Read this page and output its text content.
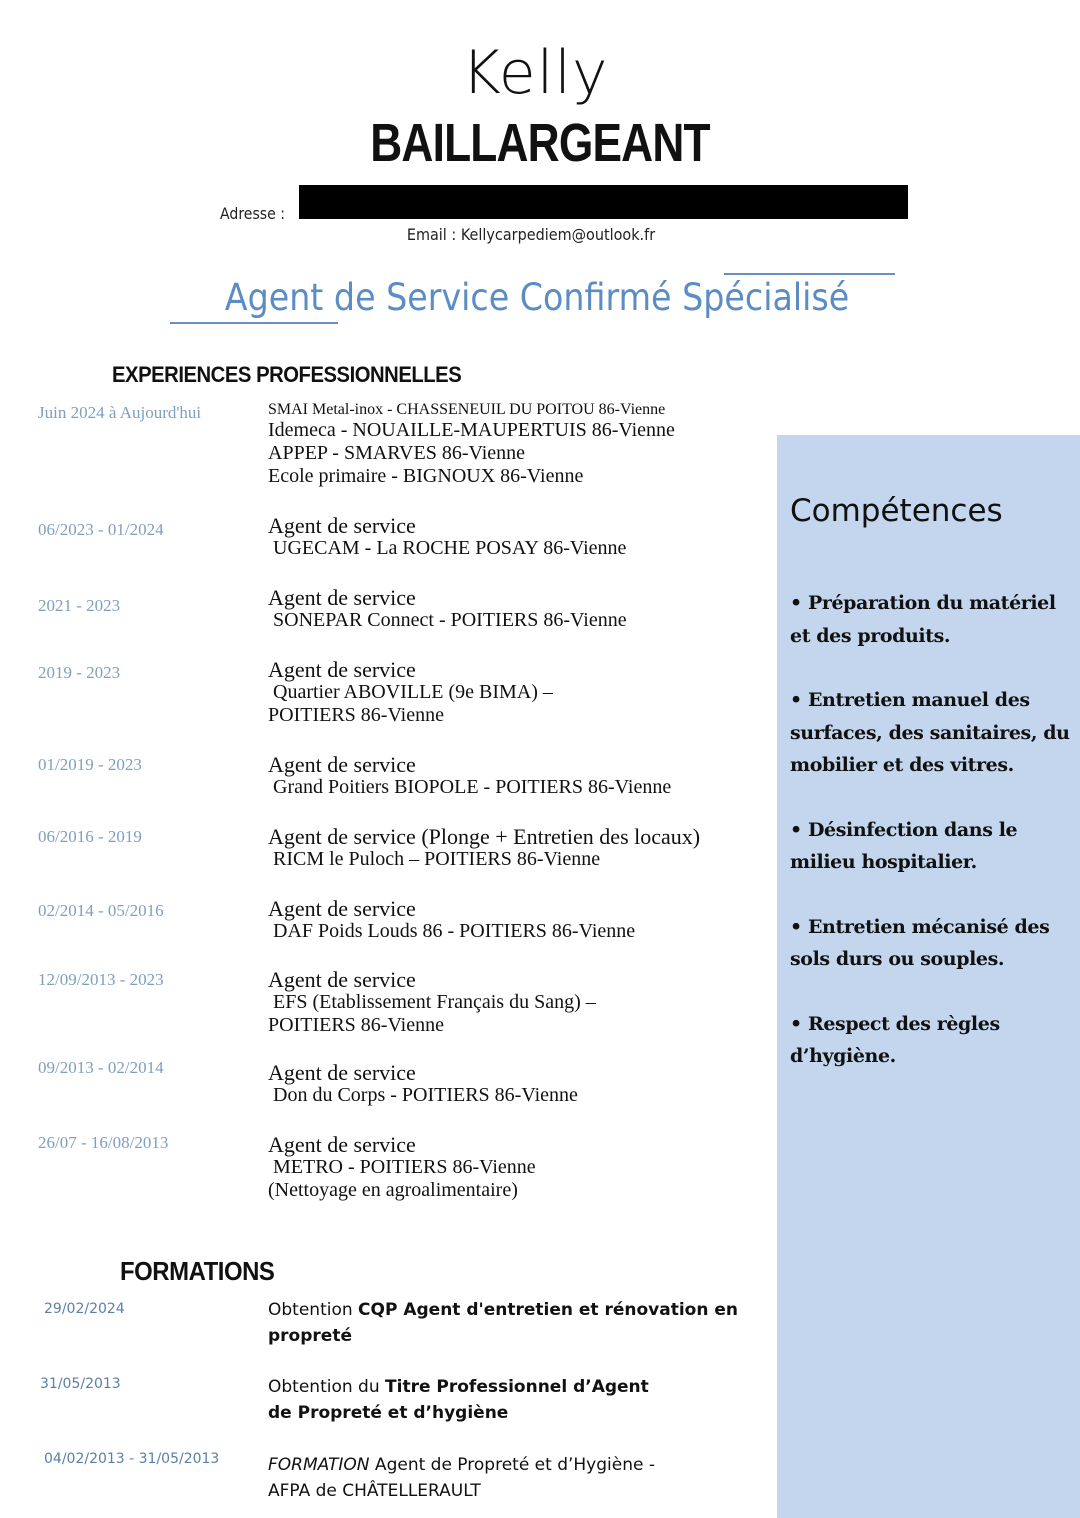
Kelly
BAILLARGEANT
Adresse :
Email : Kellycarpediem@outlook.fr
Agent de Service Confirmé Spécialisé
EXPERIENCES PROFESSIONNELLES
Juin 2024 à Aujourd'hui	SMAI Metal-inox - CHASSENEUIL DU POITOU 86-Vienne
Idemeca - NOUAILLE-MAUPERTUIS 86-Vienne
APPEP - SMARVES 86-Vienne
Ecole primaire - BIGNOUX 86-Vienne
06/2023 - 01/2024	Agent de service
UGECAM - La ROCHE POSAY 86-Vienne
2021 - 2023	Agent de service
SONEPAR Connect - POITIERS 86-Vienne
2019 - 2023	Agent de service
Quartier ABOVILLE (9e BIMA) –
POITIERS 86-Vienne
01/2019 - 2023	Agent de service
Grand Poitiers BIOPOLE - POITIERS 86-Vienne
06/2016 - 2019	Agent de service (Plonge + Entretien des locaux)
RICM le Puloch – POITIERS 86-Vienne
02/2014 - 05/2016	Agent de service
DAF Poids Louds 86 - POITIERS 86-Vienne
12/09/2013 - 2023	Agent de service
EFS (Etablissement Français du Sang) –
POITIERS 86-Vienne
09/2013 - 02/2014	Agent de service
Don du Corps - POITIERS 86-Vienne
26/07 - 16/08/2013	Agent de service
METRO - POITIERS 86-Vienne
(Nettoyage en agroalimentaire)
FORMATIONS
29/02/2024	Obtention CQP Agent d'entretien et rénovation en
propreté
31/05/2013	Obtention du Titre Professionnel d’Agent
de Propreté et d’hygiène
04/02/2013 - 31/05/2013	FORMATION Agent de Propreté et d’Hygiène -
AFPA de CHÂTELLERAULT
Compétences
• Préparation du matériel et des produits.
• Entretien manuel des surfaces, des sanitaires, du mobilier et des vitres.
• Désinfection dans le milieu hospitalier.
• Entretien mécanisé des sols durs ou souples.
• Respect des règles d’hygiène.
